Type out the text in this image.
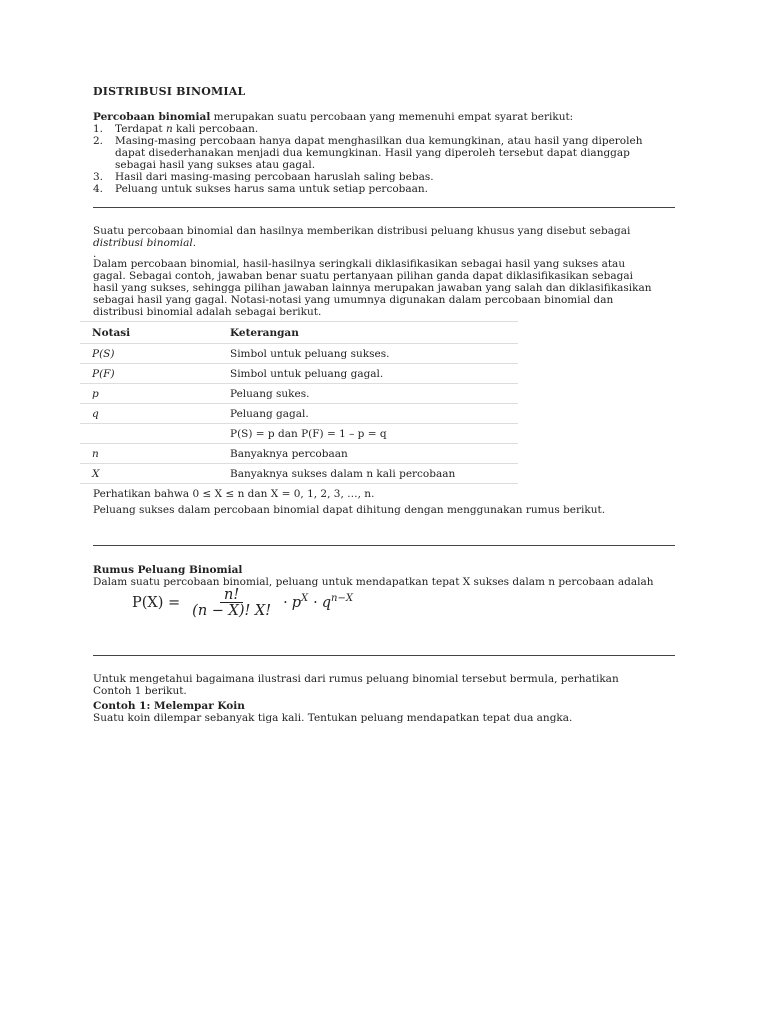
DISTRIBUSI BINOMIAL
Percobaan binomial merupakan suatu percobaan yang memenuhi empat syarat berikut:
1. Terdapat n kali percobaan.
2. Masing-masing percobaan hanya dapat menghasilkan dua kemungkinan, atau hasil yang diperoleh dapat disederhanakan menjadi dua kemungkinan. Hasil yang diperoleh tersebut dapat dianggap sebagai hasil yang sukses atau gagal.
3. Hasil dari masing-masing percobaan haruslah saling bebas.
4. Peluang untuk sukses harus sama untuk setiap percobaan.
Suatu percobaan binomial dan hasilnya memberikan distribusi peluang khusus yang disebut sebagai distribusi binomial.
.
Dalam percobaan binomial, hasil-hasilnya seringkali diklasifikasikan sebagai hasil yang sukses atau gagal. Sebagai contoh, jawaban benar suatu pertanyaan pilihan ganda dapat diklasifikasikan sebagai hasil yang sukses, sehingga pilihan jawaban lainnya merupakan jawaban yang salah dan diklasifikasikan sebagai hasil yang gagal. Notasi-notasi yang umumnya digunakan dalam percobaan binomial dan distribusi binomial adalah sebagai berikut.
Notasi	Keterangan
P(S)	Simbol untuk peluang sukses.
P(F)	Simbol untuk peluang gagal.
p	Peluang sukes.
q	Peluang gagal.
	P(S) = p dan P(F) = 1 – p = q
n	Banyaknya percobaan
X	Banyaknya sukses dalam n kali percobaan
Perhatikan bahwa 0 ≤ X ≤ n dan X = 0, 1, 2, 3, …, n.
Peluang sukses dalam percobaan binomial dapat dihitung dengan menggunakan rumus berikut.
Rumus Peluang Binomial
Dalam suatu percobaan binomial, peluang untuk mendapatkan tepat X sukses dalam n percobaan adalah
$P(X) = \frac{n!}{(n - X)! X!} \cdot p^X \cdot q^{n-X}$
Untuk mengetahui bagaimana ilustrasi dari rumus peluang binomial tersebut bermula, perhatikan Contoh 1 berikut.
Contoh 1: Melempar Koin
Suatu koin dilempar sebanyak tiga kali. Tentukan peluang mendapatkan tepat dua angka.
